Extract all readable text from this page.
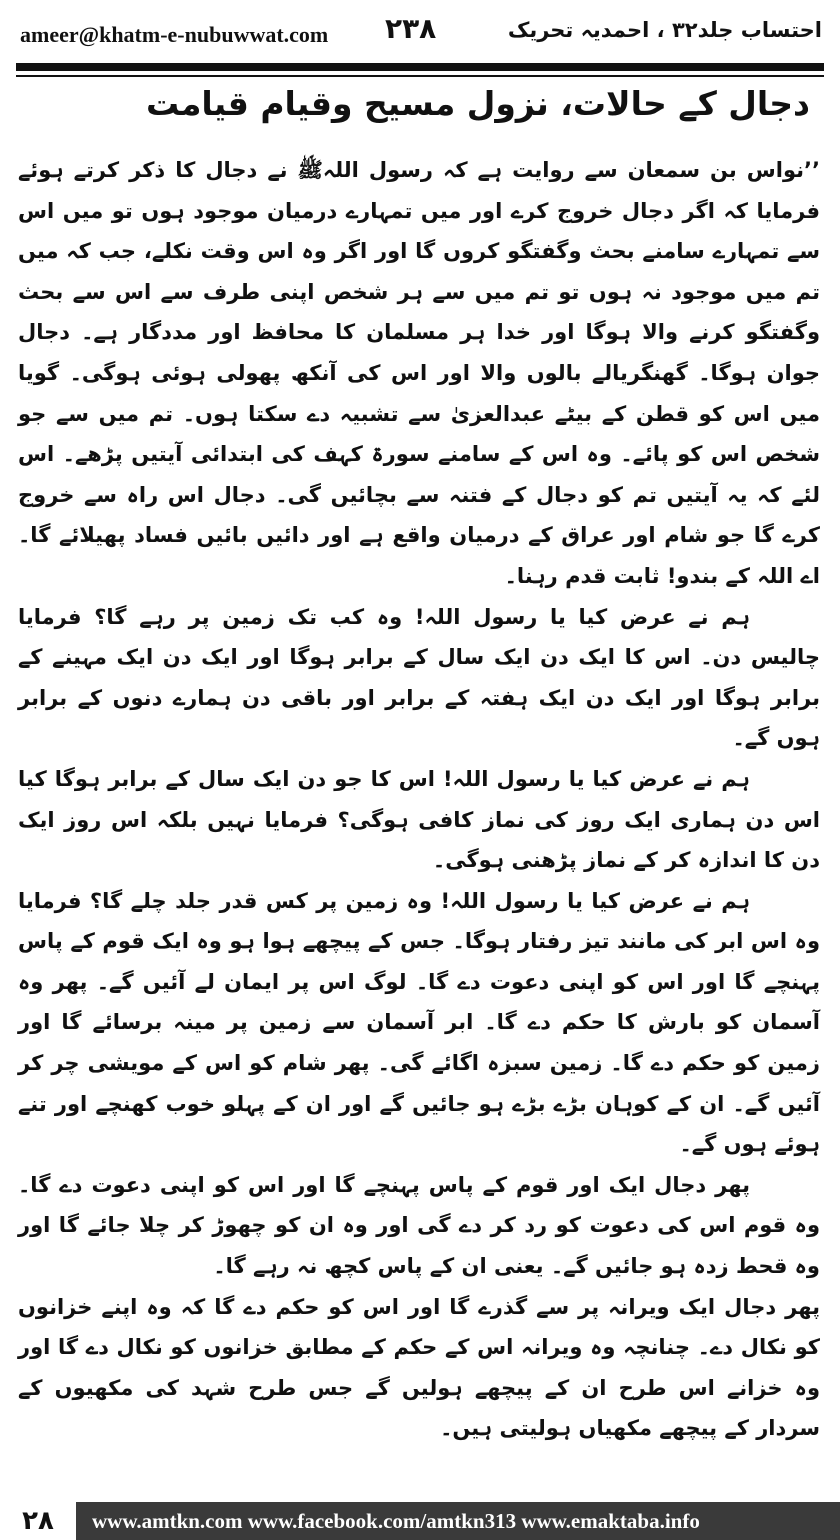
ameer@khatm-e-nubuwwat.com ۲۳۸	احتساب جلد۳۲ ، احمدیہ تحریک
دجال کے حالات، نزول مسیح وقیام قیامت

’’نواس بن سمعان سے روایت ہے کہ رسول اللہﷺ نے دجال کا ذکر کرتے ہوئے فرمایا کہ اگر دجال خروج کرے اور میں تمہارے درمیان موجود ہوں تو میں اس سے تمہارے سامنے بحث وگفتگو کروں گا اور اگر وہ اس وقت نکلے، جب کہ میں تم میں موجود نہ ہوں تو تم میں سے ہر شخص اپنی طرف سے اس سے بحث وگفتگو کرنے والا ہوگا اور خدا ہر مسلمان کا محافظ اور مددگار ہے۔ دجال جوان ہوگا۔ گھنگریالے بالوں والا اور اس کی آنکھ پھولی ہوئی ہوگی۔ گویا میں اس کو قطن کے بیٹے عبدالعزیٰ سے تشبیہ دے سکتا ہوں۔ تم میں سے جو شخص اس کو پائے۔ وہ اس کے سامنے سورۃ کہف کی ابتدائی آیتیں پڑھے۔ اس لئے کہ یہ آیتیں تم کو دجال کے فتنہ سے بچائیں گی۔ دجال اس راہ سے خروج کرے گا جو شام اور عراق کے درمیان واقع ہے اور دائیں بائیں فساد پھیلائے گا۔ اے اللہ کے بندو! ثابت قدم رہنا۔

ہم نے عرض کیا یا رسول اللہ! وہ کب تک زمین پر رہے گا؟ فرمایا چالیس دن۔ اس کا ایک دن ایک سال کے برابر ہوگا اور ایک دن ایک مہینے کے برابر ہوگا اور ایک دن ایک ہفتہ کے برابر اور باقی دن ہمارے دنوں کے برابر ہوں گے۔

ہم نے عرض کیا یا رسول اللہ! اس کا جو دن ایک سال کے برابر ہوگا کیا اس دن ہماری ایک روز کی نماز کافی ہوگی؟ فرمایا نہیں بلکہ اس روز ایک دن کا اندازہ کر کے نماز پڑھنی ہوگی۔

ہم نے عرض کیا یا رسول اللہ! وہ زمین پر کس قدر جلد چلے گا؟ فرمایا وہ اس ابر کی مانند تیز رفتار ہوگا۔ جس کے پیچھے ہوا ہو وہ ایک قوم کے پاس پہنچے گا اور اس کو اپنی دعوت دے گا۔ لوگ اس پر ایمان لے آئیں گے۔ پھر وہ آسمان کو بارش کا حکم دے گا۔ ابر آسمان سے زمین پر مینہ برسائے گا اور زمین کو حکم دے گا۔ زمین سبزہ اگائے گی۔ پھر شام کو اس کے مویشی چر کر آئیں گے۔ ان کے کوہان بڑے بڑے ہو جائیں گے اور ان کے پہلو خوب کھنچے اور تنے ہوئے ہوں گے۔

پھر دجال ایک اور قوم کے پاس پہنچے گا اور اس کو اپنی دعوت دے گا۔ وہ قوم اس کی دعوت کو رد کر دے گی اور وہ ان کو چھوڑ کر چلا جائے گا اور وہ قحط زدہ ہو جائیں گے۔ یعنی ان کے پاس کچھ نہ رہے گا۔

پھر دجال ایک ویرانہ پر سے گذرے گا اور اس کو حکم دے گا کہ وہ اپنے خزانوں کو نکال دے۔ چنانچہ وہ ویرانہ اس کے حکم کے مطابق خزانوں کو نکال دے گا اور وہ خزانے اس طرح ان کے پیچھے ہولیں گے جس طرح شہد کی مکھیوں کے سردار کے پیچھے مکھیاں ہولیتی ہیں۔

۲۸	www.amtkn.com www.facebook.com/amtkn313 www.emaktaba.info
